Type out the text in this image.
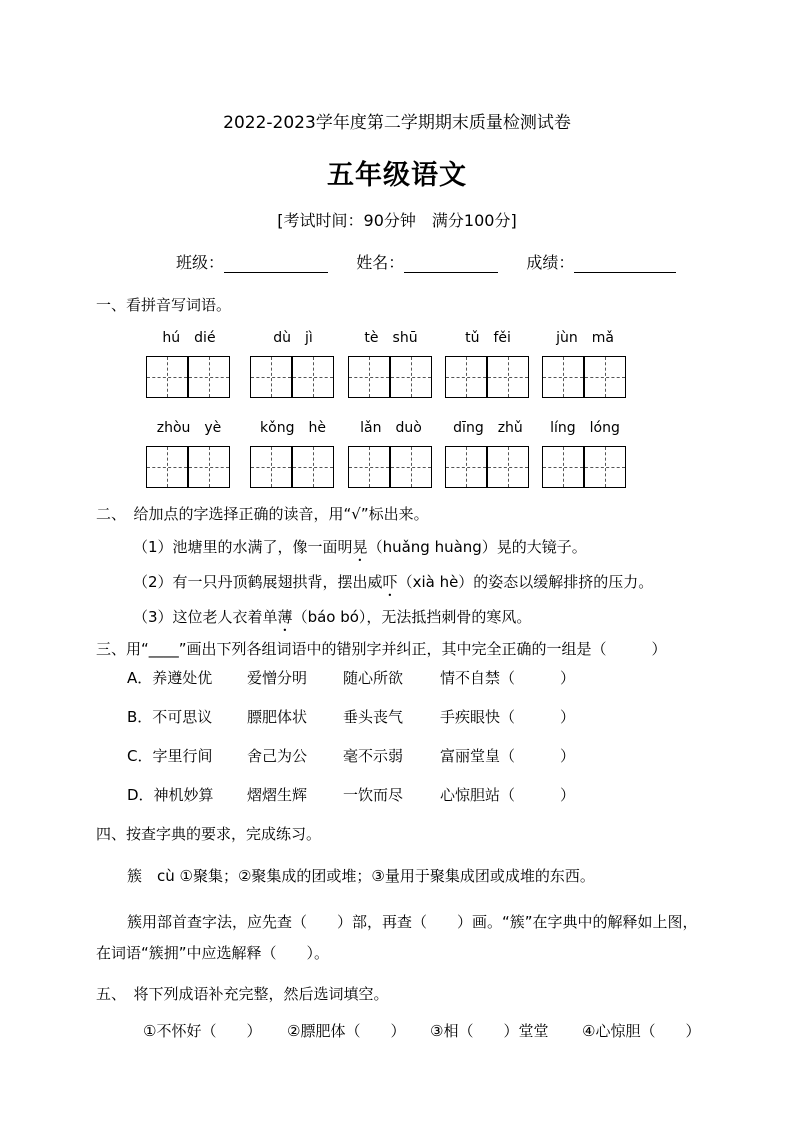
2022-2023学年度第二学期期末质量检测试卷
五年级语文
[考试时间：90分钟　满分100分]
班级：	姓名：	成绩：
一、看拼音写词语。
hú　dié	dù　jì	tè　shū	tǔ　fěi	jùn　mǎ
zhòu　yè	kǒng　hè	lǎn　duò	dīng　zhǔ	líng　lóng
二、　给加点的字选择正确的读音，用“√”标出来。
（1）池塘里的水满了，像一面明晃（huǎng huàng）晃的大镜子。
（2）有一只丹顶鹤展翅拱背，摆出威吓（xià hè）的姿态以缓解排挤的压力。
（3）这位老人衣着单薄（báo bó），无法抵挡刺骨的寒风。
三、用“____”画出下列各组词语中的错别字并纠正，其中完全正确的一组是（　　　）
A．养遵处优 爱憎分明 随心所欲 情不自禁（　　　）
B．不可思议 膘肥体状 垂头丧气 手疾眼快（　　　）
C．字里行间 舍己为公 毫不示弱 富丽堂皇（　　　）
D．神机妙算 熠熠生辉 一饮而尽 心惊胆站（　　　）
四、按查字典的要求，完成练习。
簇　cù ①聚集；②聚集成的团或堆；③量用于聚集成团或成堆的东西。
簇用部首查字法，应先查（　　）部，再查（　　）画。“簇”在字典中的解释如上图，
在词语“簇拥”中应选解释（　　）。
五、　将下列成语补充完整，然后选词填空。
①不怀好（　　） ②膘肥体（　　） ③相（　　）堂堂 ④心惊胆（　　）
